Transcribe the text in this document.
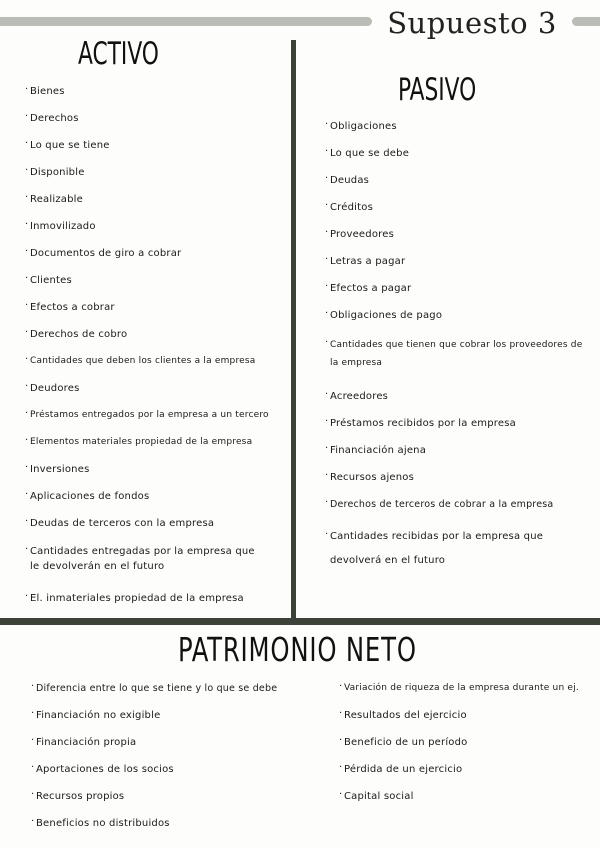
Supuesto 3
ACTIVO
PASIVO
PATRIMONIO NETO
· Bienes
· Derechos
· Lo que se tiene
· Disponible
· Realizable
· Inmovilizado
· Documentos de giro a cobrar
· Clientes
· Efectos a cobrar
· Derechos de cobro
· Cantidades que deben los clientes a la empresa
· Deudores
· Préstamos entregados por la empresa a un tercero
· Elementos materiales propiedad de la empresa
· Inversiones
· Aplicaciones de fondos
· Deudas de terceros con la empresa
· Cantidades entregadas por la empresa que le devolverán en el futuro
· El. inmateriales propiedad de la empresa
· Obligaciones
· Lo que se debe
· Deudas
· Créditos
· Proveedores
· Letras a pagar
· Efectos a pagar
· Obligaciones de pago
· Cantidades que tienen que cobrar los proveedores de la empresa
· Acreedores
· Préstamos recibidos por la empresa
· Financiación ajena
· Recursos ajenos
· Derechos de terceros de cobrar a la empresa
· Cantidades recibidas por la empresa que devolverá en el futuro
· Diferencia entre lo que se tiene y lo que se debe
· Financiación no exigible
· Financiación propia
· Aportaciones de los socios
· Recursos propios
· Beneficios no distribuidos
· Variación de riqueza de la empresa durante un ej.
· Resultados del ejercicio
· Beneficio de un período
· Pérdida de un ejercicio
· Capital social
